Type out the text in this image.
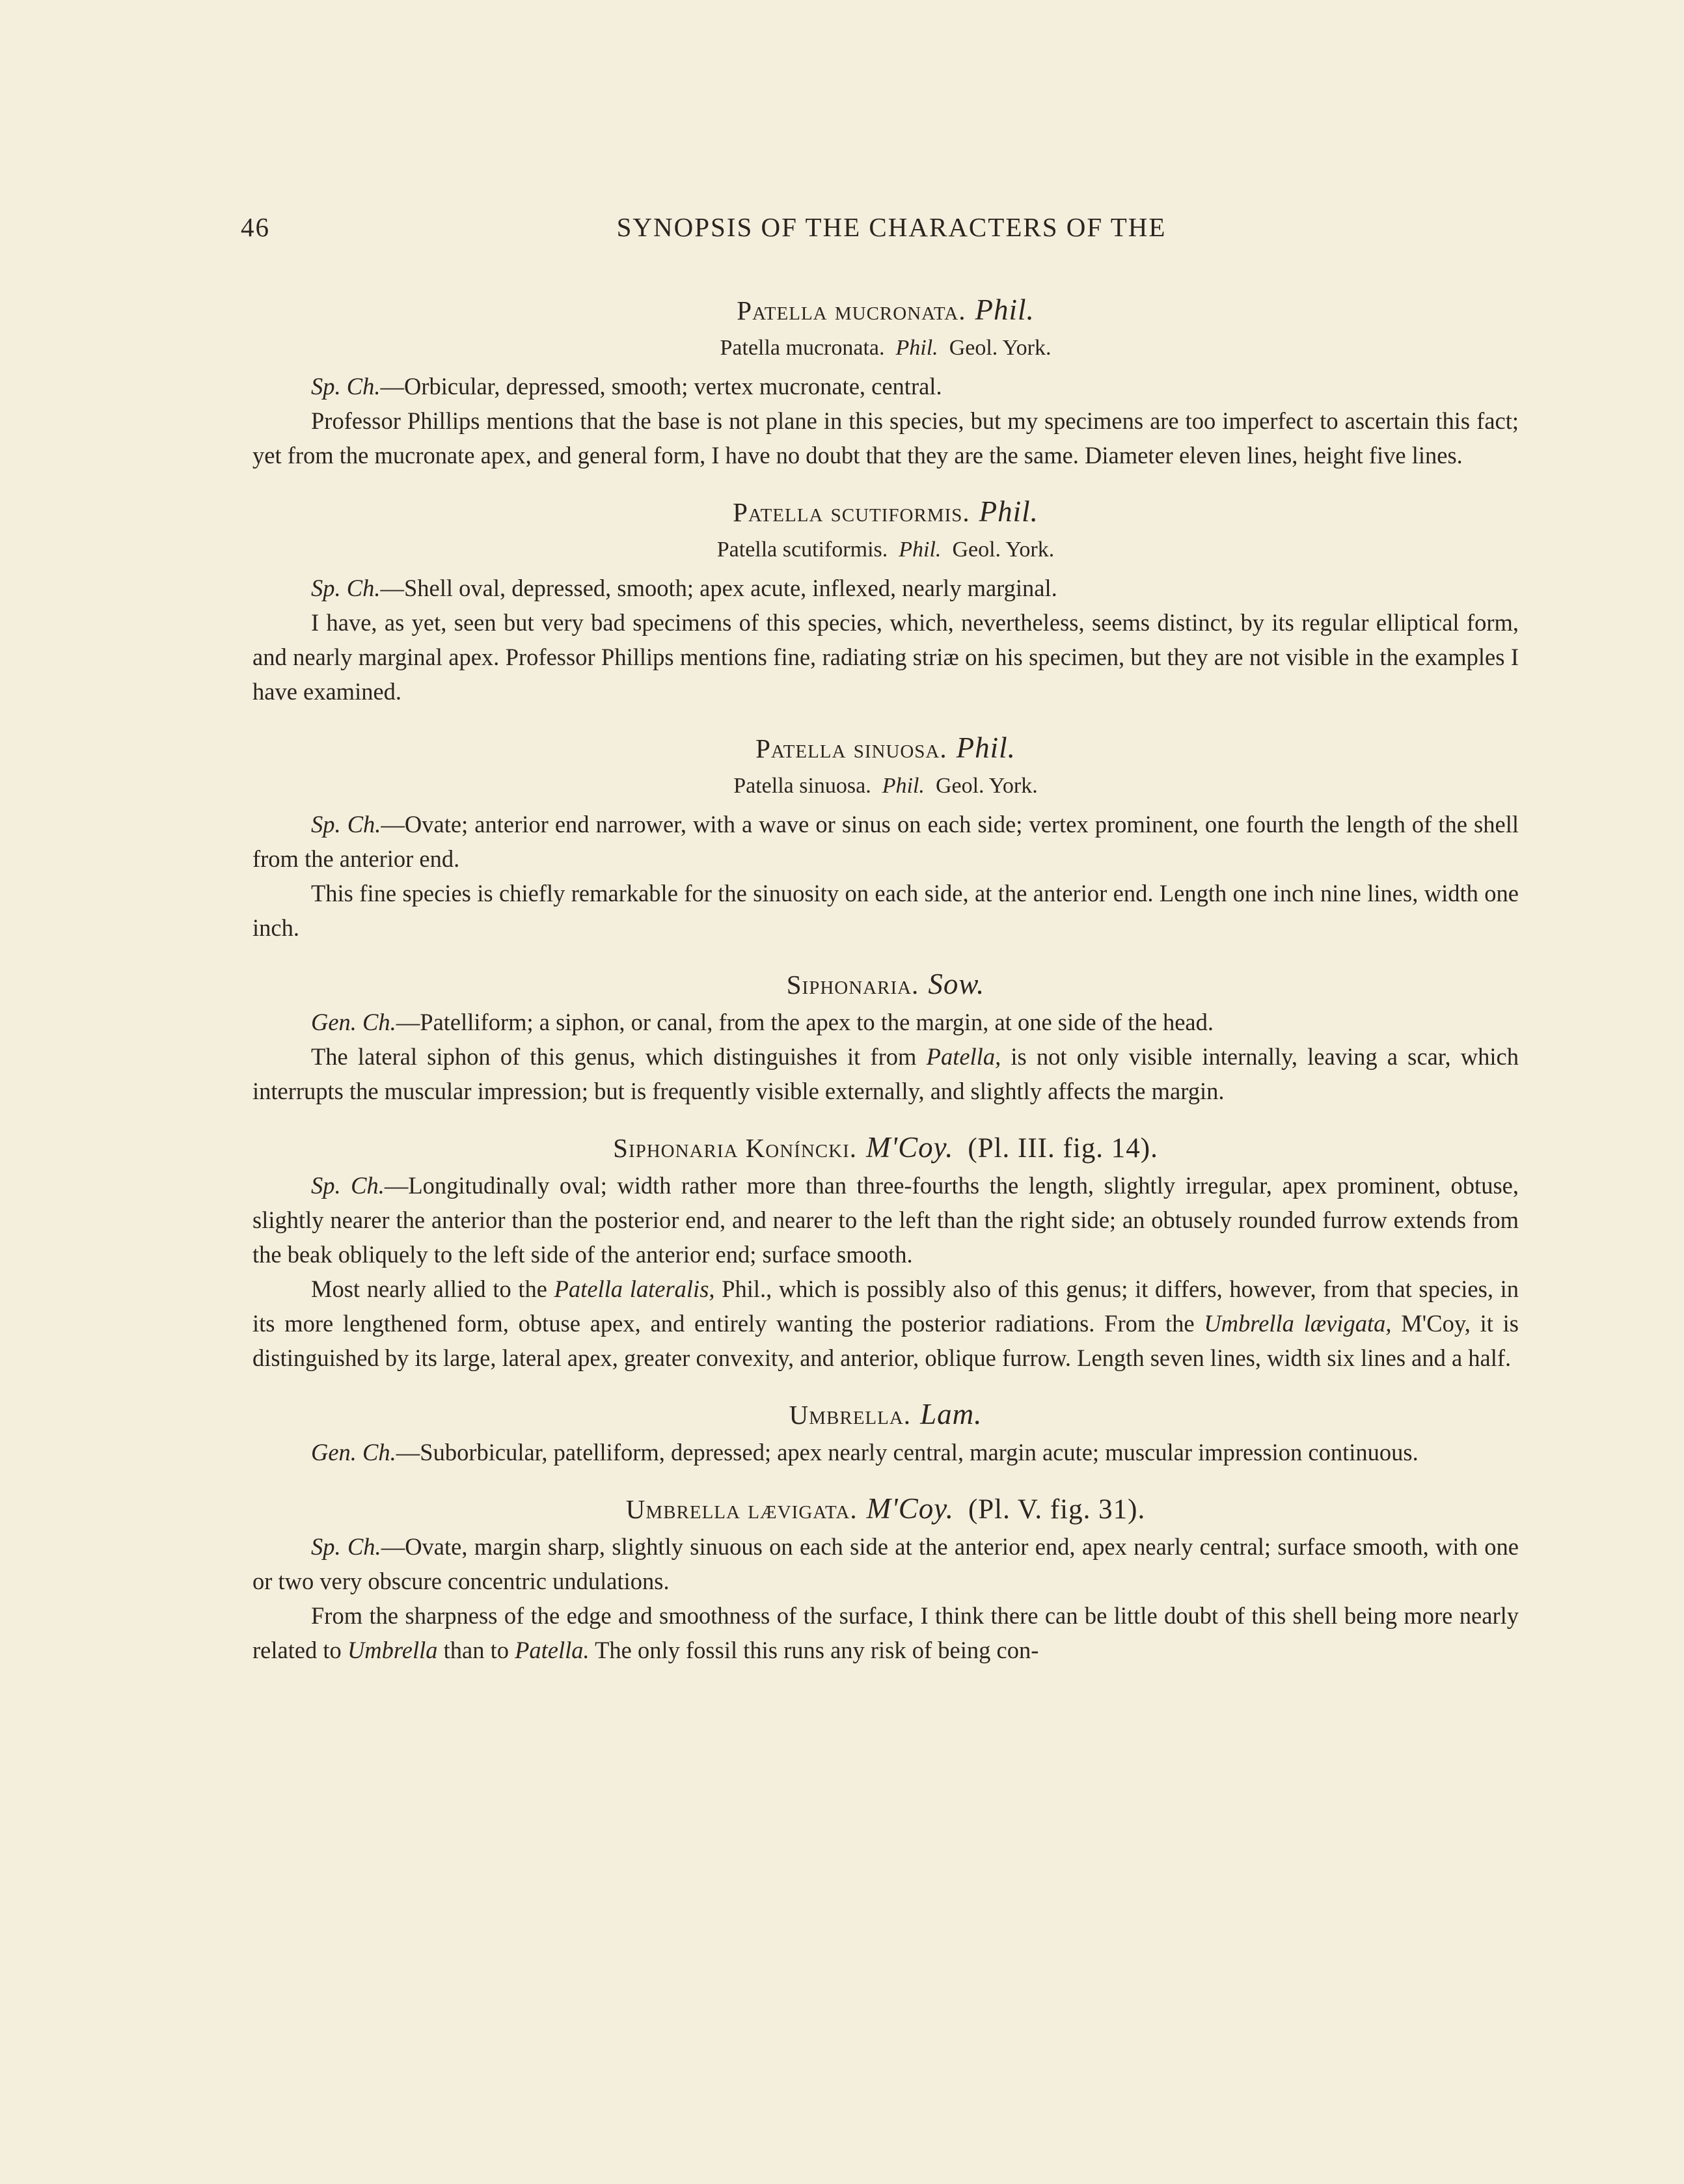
46	SYNOPSIS OF THE CHARACTERS OF THE
Patella mucronata. Phil.
Patella mucronata. Phil. Geol. York.

Sp. Ch.—Orbicular, depressed, smooth; vertex mucronate, central.

Professor Phillips mentions that the base is not plane in this species, but my specimens are too imperfect to ascertain this fact; yet from the mucronate apex, and general form, I have no doubt that they are the same. Diameter eleven lines, height five lines.

Patella scutiformis. Phil.
Patella scutiformis. Phil. Geol. York.

Sp. Ch.—Shell oval, depressed, smooth; apex acute, inflexed, nearly marginal.

I have, as yet, seen but very bad specimens of this species, which, nevertheless, seems distinct, by its regular elliptical form, and nearly marginal apex. Professor Phillips mentions fine, radiating striæ on his specimen, but they are not visible in the examples I have examined.

Patella sinuosa. Phil.
Patella sinuosa. Phil. Geol. York.

Sp. Ch.—Ovate; anterior end narrower, with a wave or sinus on each side; vertex prominent, one fourth the length of the shell from the anterior end.

This fine species is chiefly remarkable for the sinuosity on each side, at the anterior end. Length one inch nine lines, width one inch.

Siphonaria. Sow.

Gen. Ch.—Patelliform; a siphon, or canal, from the apex to the margin, at one side of the head.

The lateral siphon of this genus, which distinguishes it from Patella, is not only visible internally, leaving a scar, which interrupts the muscular impression; but is frequently visible externally, and slightly affects the margin.

Siphonaria Koníncki. M'Coy. (Pl. III. fig. 14).

Sp. Ch.—Longitudinally oval; width rather more than three-fourths the length, slightly irregular, apex prominent, obtuse, slightly nearer the anterior than the posterior end, and nearer to the left than the right side; an obtusely rounded furrow extends from the beak obliquely to the left side of the anterior end; surface smooth.

Most nearly allied to the Patella lateralis, Phil., which is possibly also of this genus; it differs, however, from that species, in its more lengthened form, obtuse apex, and entirely wanting the posterior radiations. From the Umbrella lævigata, M'Coy, it is distinguished by its large, lateral apex, greater convexity, and anterior, oblique furrow. Length seven lines, width six lines and a half.

Umbrella. Lam.

Gen. Ch.—Suborbicular, patelliform, depressed; apex nearly central, margin acute; muscular impression continuous.

Umbrella lævigata. M'Coy. (Pl. V. fig. 31).

Sp. Ch.—Ovate, margin sharp, slightly sinuous on each side at the anterior end, apex nearly central; surface smooth, with one or two very obscure concentric undulations.

From the sharpness of the edge and smoothness of the surface, I think there can be little doubt of this shell being more nearly related to Umbrella than to Patella. The only fossil this runs any risk of being con-
